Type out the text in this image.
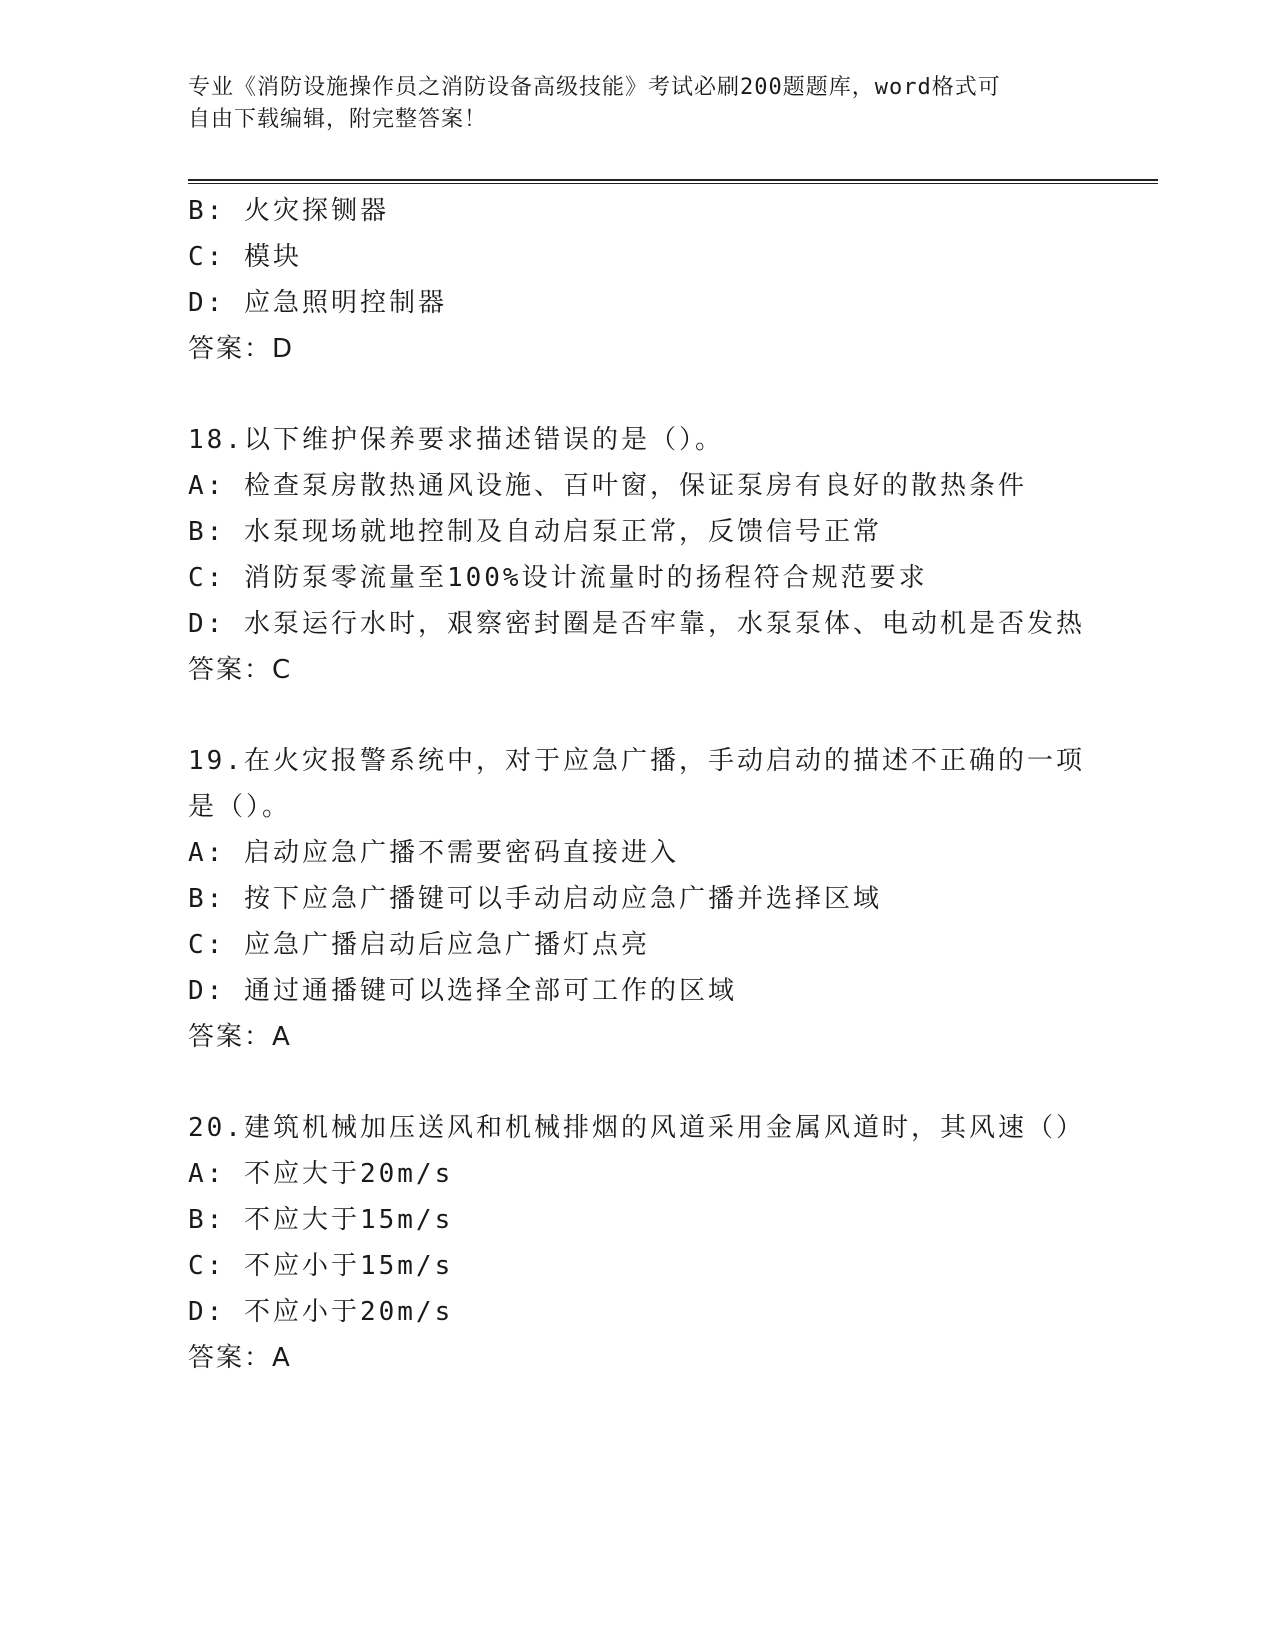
专业《消防设施操作员之消防设备高级技能》考试必刷200题题库，word格式可
自由下载编辑，附完整答案！
B: 火灾探铡器
C: 模块
D: 应急照明控制器
答案：D
18.以下维护保养要求描述错误的是（）。
A: 检查泵房散热通风设施、百叶窗，保证泵房有良好的散热条件
B: 水泵现场就地控制及自动启泵正常，反馈信号正常
C: 消防泵零流量至100%设计流量时的扬程符合规范要求
D: 水泵运行水时，艰察密封圈是否牢靠，水泵泵体、电动机是否发热
答案：C
19.在火灾报警系统中，对于应急广播，手动启动的描述不正确的一项
是（）。
A: 启动应急广播不需要密码直接进入
B: 按下应急广播键可以手动启动应急广播并选择区域
C: 应急广播启动后应急广播灯点亮
D: 通过通播键可以选择全部可工作的区域
答案：A
20.建筑机械加压送风和机械排烟的风道采用金属风道时，其风速（）
A: 不应大于20m/s
B: 不应大于15m/s
C: 不应小于15m/s
D: 不应小于20m/s
答案：A
